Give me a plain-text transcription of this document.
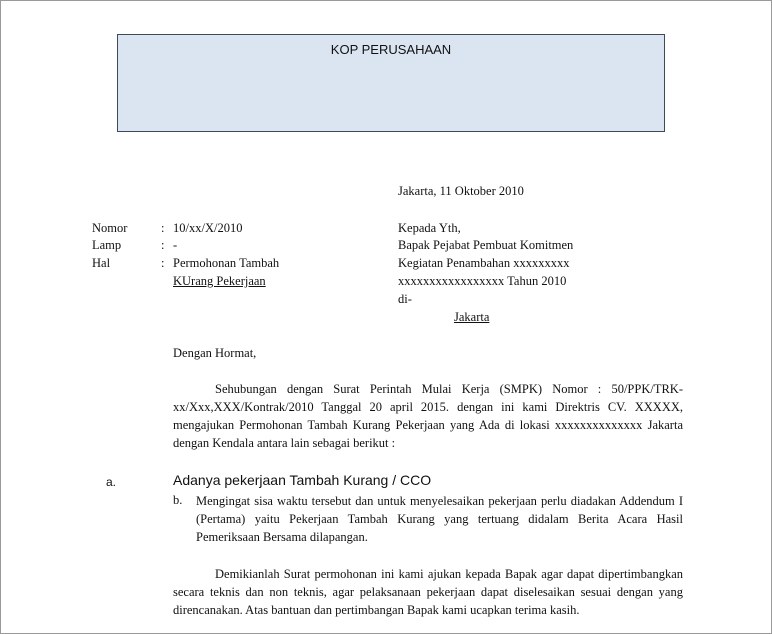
KOP PERUSAHAAN
Jakarta, 11 Oktober 2010
Nomor	: 10/xx/X/2010
Lamp	: -
Hal	: Permohonan Tambah
KUrang Pekerjaan
Kepada Yth,
Bapak Pejabat Pembuat Komitmen
Kegiatan Penambahan xxxxxxxxx
xxxxxxxxxxxxxxxxx Tahun 2010
di-
Jakarta
Dengan Hormat,
Sehubungan dengan Surat Perintah Mulai Kerja (SMPK) Nomor : 50/PPK/TRK-
xx/Xxx,XXX/Kontrak/2010 Tanggal 20 april 2015. dengan ini kami Direktris CV. XXXXX,
mengajukan Permohonan Tambah Kurang Pekerjaan yang Ada di lokasi xxxxxxxxxxxxxx Jakarta
dengan Kendala antara lain sebagai berikut :
a.	Adanya pekerjaan Tambah Kurang / CCO
b. Mengingat sisa waktu tersebut dan untuk menyelesaikan pekerjaan perlu diadakan Addendum I
(Pertama) yaitu Pekerjaan Tambah Kurang yang tertuang didalam Berita Acara Hasil
Pemeriksaan Bersama dilapangan.
Demikianlah Surat permohonan ini kami ajukan kepada Bapak agar dapat dipertimbangkan
secara teknis dan non teknis, agar pelaksanaan pekerjaan dapat diselesaikan sesuai dengan yang
direncanakan. Atas bantuan dan pertimbangan Bapak kami ucapkan terima kasih.
